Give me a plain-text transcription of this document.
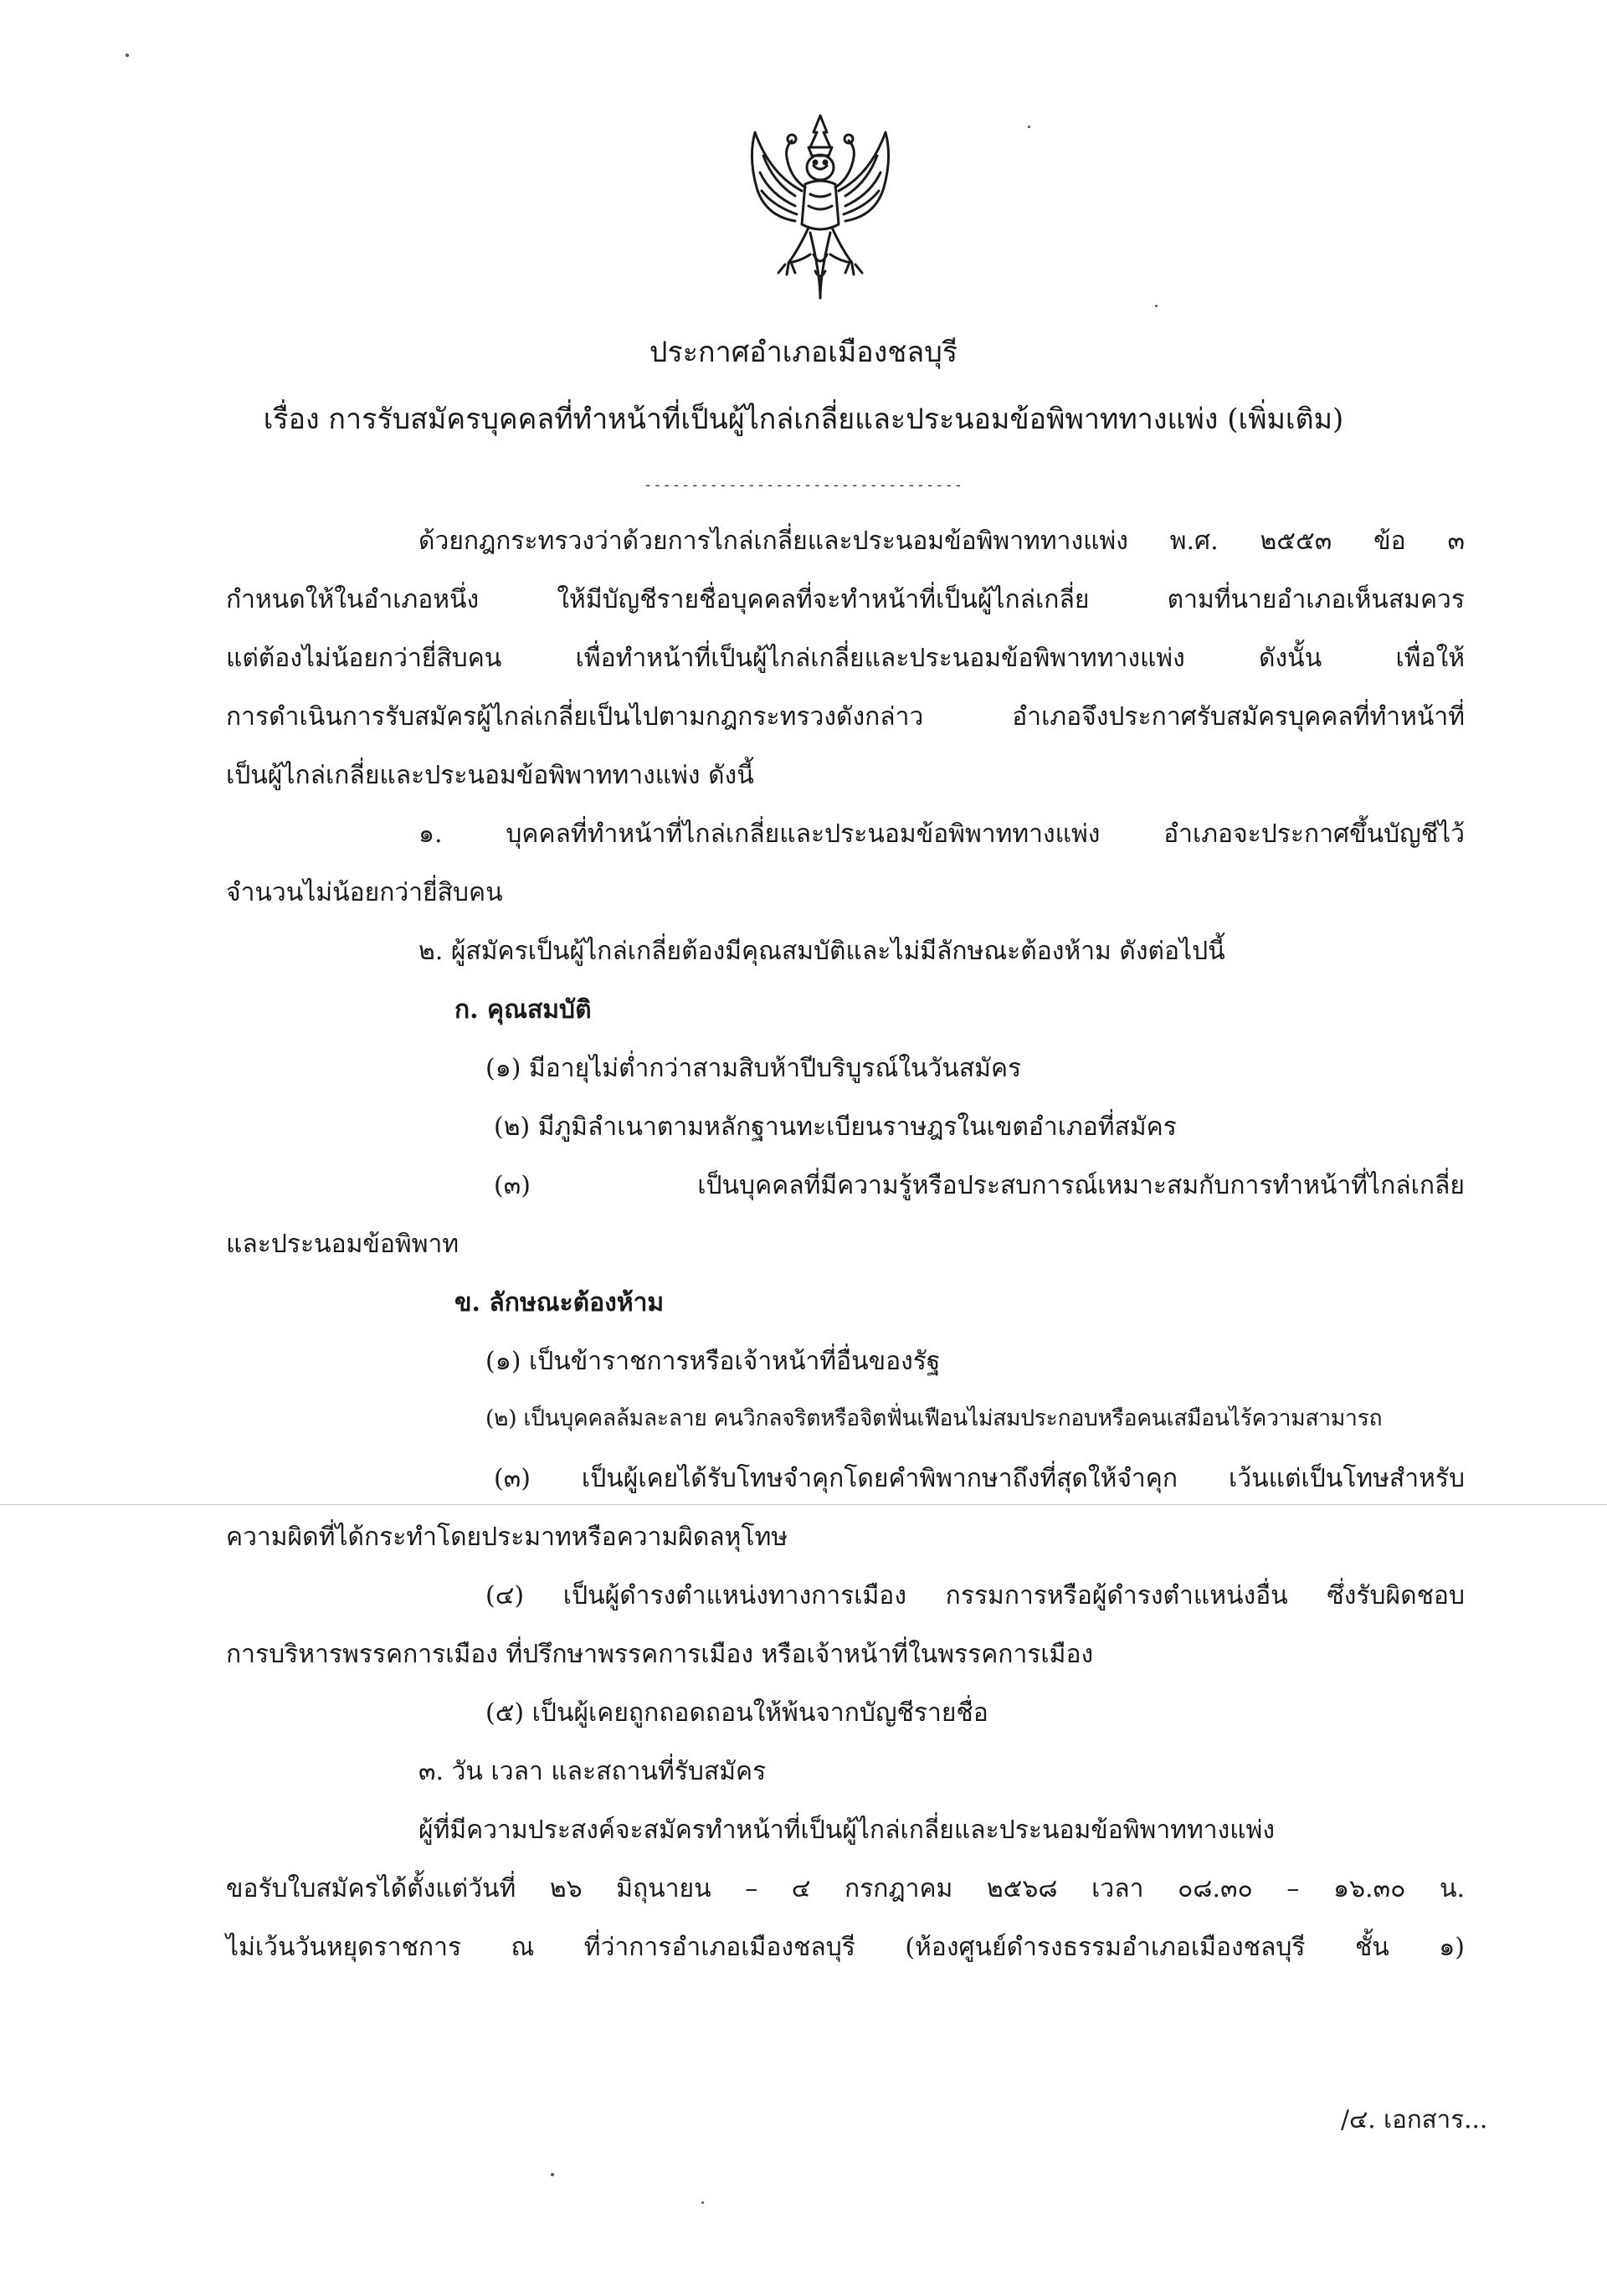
ประกาศอำเภอเมืองชลบุรี
เรื่อง การรับสมัครบุคคลที่ทำหน้าที่เป็นผู้ไกล่เกลี่ยและประนอมข้อพิพาททางแพ่ง (เพิ่มเติม)
----------------------------------
ด้วยกฎกระทรวงว่าด้วยการไกล่เกลี่ยและประนอมข้อพิพาททางแพ่ง พ.ศ. ๒๕๕๓ ข้อ ๓
กำหนดให้ในอำเภอหนึ่ง ให้มีบัญชีรายชื่อบุคคลที่จะทำหน้าที่เป็นผู้ไกล่เกลี่ย ตามที่นายอำเภอเห็นสมควร
แต่ต้องไม่น้อยกว่ายี่สิบคน เพื่อทำหน้าที่เป็นผู้ไกล่เกลี่ยและประนอมข้อพิพาททางแพ่ง ดังนั้น เพื่อให้
การดำเนินการรับสมัครผู้ไกล่เกลี่ยเป็นไปตามกฎกระทรวงดังกล่าว อำเภอจึงประกาศรับสมัครบุคคลที่ทำหน้าที่
เป็นผู้ไกล่เกลี่ยและประนอมข้อพิพาททางแพ่ง ดังนี้
๑. บุคคลที่ทำหน้าที่ไกล่เกลี่ยและประนอมข้อพิพาททางแพ่ง อำเภอจะประกาศขึ้นบัญชีไว้
จำนวนไม่น้อยกว่ายี่สิบคน
๒. ผู้สมัครเป็นผู้ไกล่เกลี่ยต้องมีคุณสมบัติและไม่มีลักษณะต้องห้าม ดังต่อไปนี้
ก. คุณสมบัติ
(๑) มีอายุไม่ต่ำกว่าสามสิบห้าปีบริบูรณ์ในวันสมัคร
(๒) มีภูมิลำเนาตามหลักฐานทะเบียนราษฎรในเขตอำเภอที่สมัคร
(๓) เป็นบุคคลที่มีความรู้หรือประสบการณ์เหมาะสมกับการทำหน้าที่ไกล่เกลี่ย
และประนอมข้อพิพาท
ข. ลักษณะต้องห้าม
(๑) เป็นข้าราชการหรือเจ้าหน้าที่อื่นของรัฐ
(๒) เป็นบุคคลล้มละลาย คนวิกลจริตหรือจิตฟั่นเฟือนไม่สมประกอบหรือคนเสมือนไร้ความสามารถ
(๓) เป็นผู้เคยได้รับโทษจำคุกโดยคำพิพากษาถึงที่สุดให้จำคุก เว้นแต่เป็นโทษสำหรับ
ความผิดที่ได้กระทำโดยประมาทหรือความผิดลหุโทษ
(๔) เป็นผู้ดำรงตำแหน่งทางการเมือง กรรมการหรือผู้ดำรงตำแหน่งอื่น ซึ่งรับผิดชอบ
การบริหารพรรคการเมือง ที่ปรึกษาพรรคการเมือง หรือเจ้าหน้าที่ในพรรคการเมือง
(๕) เป็นผู้เคยถูกถอดถอนให้พ้นจากบัญชีรายชื่อ
๓. วัน เวลา และสถานที่รับสมัคร
ผู้ที่มีความประสงค์จะสมัครทำหน้าที่เป็นผู้ไกล่เกลี่ยและประนอมข้อพิพาททางแพ่ง
ขอรับใบสมัครได้ตั้งแต่วันที่ ๒๖ มิถุนายน – ๔ กรกฎาคม ๒๕๖๘ เวลา ๐๘.๓๐ – ๑๖.๓๐ น.
ไม่เว้นวันหยุดราชการ ณ ที่ว่าการอำเภอเมืองชลบุรี (ห้องศูนย์ดำรงธรรมอำเภอเมืองชลบุรี ชั้น ๑)
/๔. เอกสาร...
